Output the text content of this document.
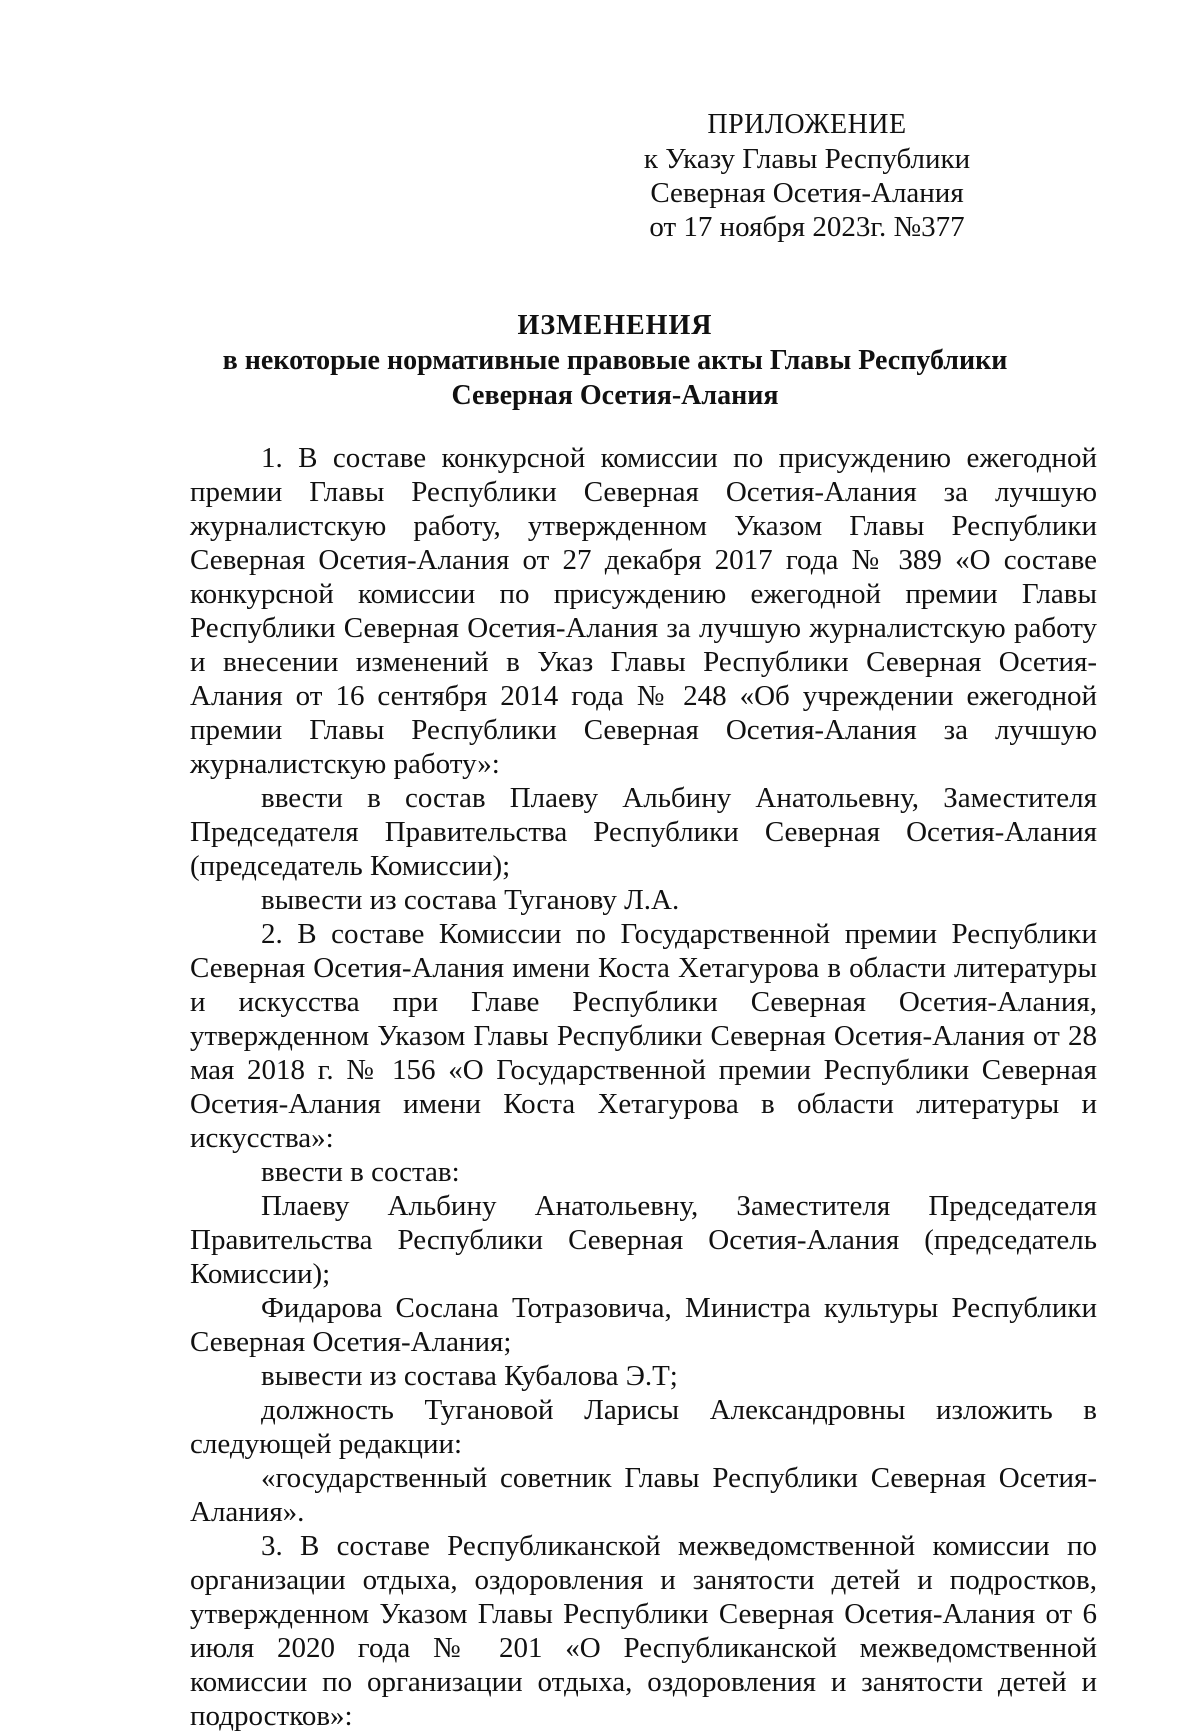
ПРИЛОЖЕНИЕ
к Указу Главы Республики
Северная Осетия-Алания
от 17 ноября 2023г. №377
ИЗМЕНЕНИЯ
в некоторые нормативные правовые акты Главы Республики
Северная Осетия-Алания

1. В составе конкурсной комиссии по присуждению ежегодной премии Главы Республики Северная Осетия-Алания за лучшую журналистскую работу, утвержденном Указом Главы Республики Северная Осетия-Алания от 27 декабря 2017 года № 389 «О составе конкурсной комиссии по присуждению ежегодной премии Главы Республики Северная Осетия-Алания за лучшую журналистскую работу и внесении изменений в Указ Главы Республики Северная Осетия-Алания от 16 сентября 2014 года № 248 «Об учреждении ежегодной премии Главы Республики Северная Осетия-Алания за лучшую журналистскую работу»:

ввести в состав Плаеву Альбину Анатольевну, Заместителя Председателя Правительства Республики Северная Осетия-Алания (председатель Комиссии);

вывести из состава Туганову Л.А.

2. В составе Комиссии по Государственной премии Республики Северная Осетия-Алания имени Коста Хетагурова в области литературы и искусства при Главе Республики Северная Осетия-Алания, утвержденном Указом Главы Республики Северная Осетия-Алания от 28 мая 2018 г. № 156 «О Государственной премии Республики Северная Осетия-Алания имени Коста Хетагурова в области литературы и искусства»:

ввести в состав:

Плаеву Альбину Анатольевну, Заместителя Председателя Правительства Республики Северная Осетия-Алания (председатель Комиссии);

Фидарова Сослана Тотразовича, Министра культуры Республики Северная Осетия-Алания;

вывести из состава Кубалова Э.Т;

должность Тугановой Ларисы Александровны изложить в следующей редакции:

«государственный советник Главы Республики Северная Осетия-Алания».

3. В составе Республиканской межведомственной комиссии по организации отдыха, оздоровления и занятости детей и подростков, утвержденном Указом Главы Республики Северная Осетия-Алания от 6 июля 2020 года № 201 «О Республиканской межведомственной комиссии по организации отдыха, оздоровления и занятости детей и подростков»:
